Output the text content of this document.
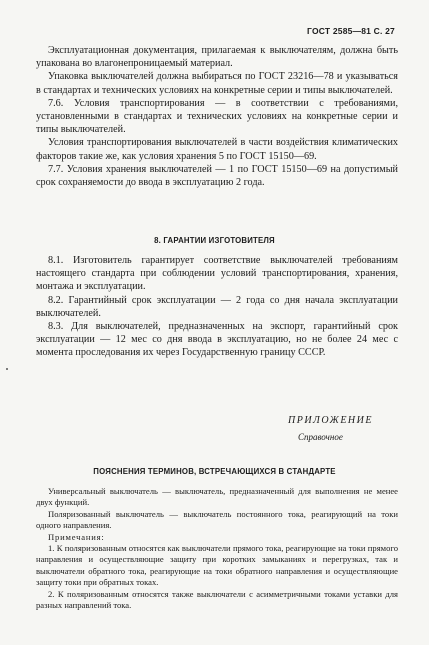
ГОСТ 2585—81 С. 27

Эксплуатационная документация, прилагаемая к выключателям, должна быть упакована во влагонепроницаемый материал.

Упаковка выключателей должна выбираться по ГОСТ 23216—78 и указываться в стандартах и технических условиях на конкретные серии и типы выключателей.

7.6. Условия транспортирования — в соответствии с требованиями, установленными в стандартах и технических условиях на конкретные серии и типы выключателей.

Условия транспортирования выключателей в части воздействия климатических факторов такие же, как условия хранения 5 по ГОСТ 15150—69.

7.7. Условия хранения выключателей — 1 по ГОСТ 15150—69 на допустимый срок сохраняемости до ввода в эксплуатацию 2 года.

8. ГАРАНТИИ ИЗГОТОВИТЕЛЯ

8.1. Изготовитель гарантирует соответствие выключателей требованиям настоящего стандарта при соблюдении условий транспортирования, хранения, монтажа и эксплуатации.

8.2. Гарантийный срок эксплуатации — 2 года со дня начала эксплуатации выключателей.

8.3. Для выключателей, предназначенных на экспорт, гарантийный срок эксплуатации — 12 мес со дня ввода в эксплуатацию, но не более 24 мес с момента проследования их через Государственную границу СССР.

ПРИЛОЖЕНИЕ
Справочное
ПОЯСНЕНИЯ ТЕРМИНОВ, ВСТРЕЧАЮЩИХСЯ В СТАНДАРТЕ

Универсальный выключатель — выключатель, предназначенный для выполнения не менее двух функций.

Поляризованный выключатель — выключатель постоянного тока, реагирующий на токи одного направления.

Примечания:

1. К поляризованным относятся как выключатели прямого тока, реагирующие на токи прямого направления и осуществляющие защиту при коротких замыканиях и перегрузках, так и выключатели обратного тока, реагирующие на токи обратного направления и осуществляющие защиту токи при обратных токах.

2. К поляризованным относятся также выключатели с асимметричными токами уставки для разных направлений тока.
